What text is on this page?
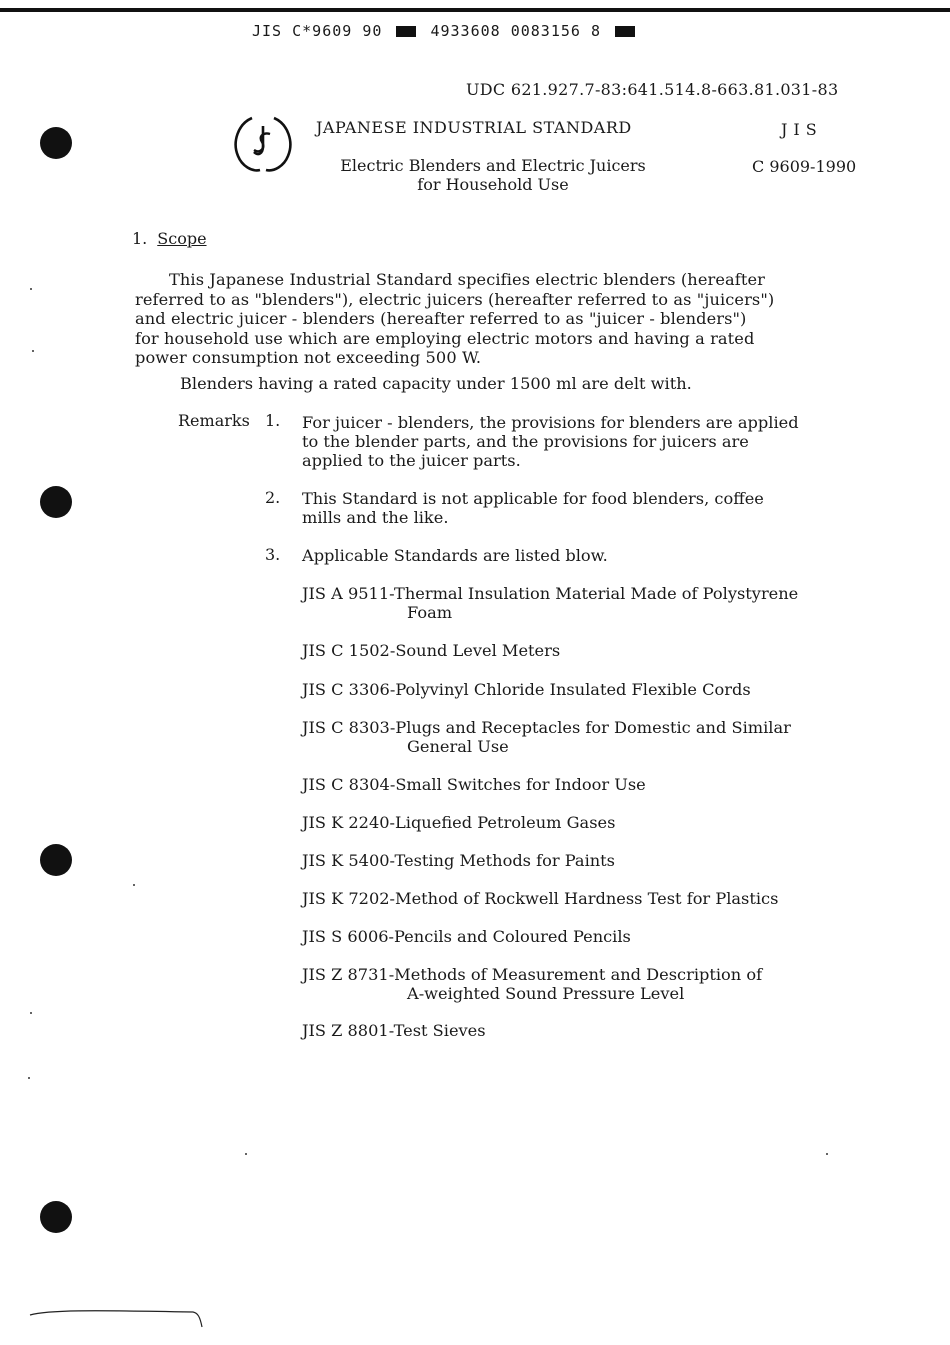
JIS C*9609 90	4933608 0083156 8
UDC 621.927.7-83:641.514.8-663.81.031-83
JAPANESE INDUSTRIAL STANDARD	JIS
Electric Blenders and Electric Juicers
for Household Use
C 9609-1990
1. Scope
This Japanese Industrial Standard specifies electric blenders (hereafter
referred to as "blenders"), electric juicers (hereafter referred to as "juicers")
and electric juicer - blenders (hereafter referred to as "juicer - blenders")
for household use which are employing electric motors and having a rated
power consumption not exceeding 500 W.
Blenders having a rated capacity under 1500 ml are delt with.
Remarks 1. For juicer - blenders, the provisions for blenders are applied
to the blender parts, and the provisions for juicers are
applied to the juicer parts.
2. This Standard is not applicable for food blenders, coffee
mills and the like.
3. Applicable Standards are listed blow.
JIS A 9511-Thermal Insulation Material Made of Polystyrene
Foam
JIS C 1502-Sound Level Meters
JIS C 3306-Polyvinyl Chloride Insulated Flexible Cords
JIS C 8303-Plugs and Receptacles for Domestic and Similar
General Use
JIS C 8304-Small Switches for Indoor Use
JIS K 2240-Liquefied Petroleum Gases
JIS K 5400-Testing Methods for Paints
JIS K 7202-Method of Rockwell Hardness Test for Plastics
JIS S 6006-Pencils and Coloured Pencils
JIS Z 8731-Methods of Measurement and Description of
A-weighted Sound Pressure Level
JIS Z 8801-Test Sieves
